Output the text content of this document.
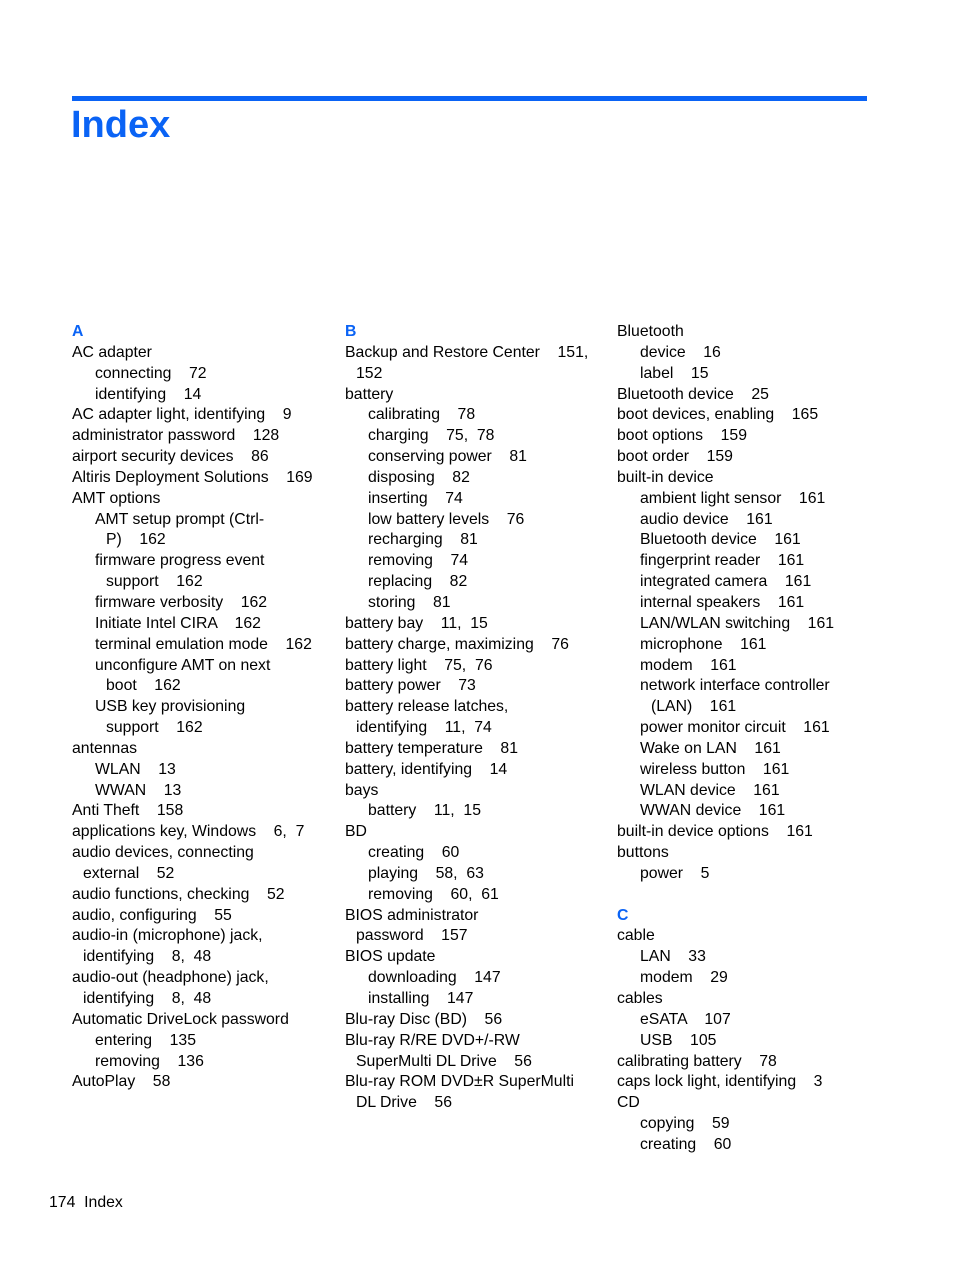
Index
A
AC adapter
connecting    72
identifying    14
AC adapter light, identifying    9
administrator password    128
airport security devices    86
Altiris Deployment Solutions    169
AMT options
AMT setup prompt (Ctrl-
P)    162
firmware progress event
support    162
firmware verbosity    162
Initiate Intel CIRA    162
terminal emulation mode    162
unconfigure AMT on next
boot    162
USB key provisioning
support    162
antennas
WLAN    13
WWAN    13
Anti Theft    158
applications key, Windows    6,  7
audio devices, connecting
external    52
audio functions, checking    52
audio, configuring    55
audio-in (microphone) jack,
identifying    8,  48
audio-out (headphone) jack,
identifying    8,  48
Automatic DriveLock password
entering    135
removing    136
AutoPlay    58
B
Backup and Restore Center    151,
152
battery
calibrating    78
charging    75,  78
conserving power    81
disposing    82
inserting    74
low battery levels    76
recharging    81
removing    74
replacing    82
storing    81
battery bay    11,  15
battery charge, maximizing    76
battery light    75,  76
battery power    73
battery release latches,
identifying    11,  74
battery temperature    81
battery, identifying    14
bays
battery    11,  15
BD
creating    60
playing    58,  63
removing    60,  61
BIOS administrator
password    157
BIOS update
downloading    147
installing    147
Blu-ray Disc (BD)    56
Blu-ray R/RE DVD+/-RW
SuperMulti DL Drive    56
Blu-ray ROM DVD±R SuperMulti
DL Drive    56
Bluetooth
device    16
label    15
Bluetooth device    25
boot devices, enabling    165
boot options    159
boot order    159
built-in device
ambient light sensor    161
audio device    161
Bluetooth device    161
fingerprint reader    161
integrated camera    161
internal speakers    161
LAN/WLAN switching    161
microphone    161
modem    161
network interface controller
(LAN)    161
power monitor circuit    161
Wake on LAN    161
wireless button    161
WLAN device    161
WWAN device    161
built-in device options    161
buttons
power    5
C
cable
LAN    33
modem    29
cables
eSATA    107
USB    105
calibrating battery    78
caps lock light, identifying    3
CD
copying    59
creating    60
174 Index
